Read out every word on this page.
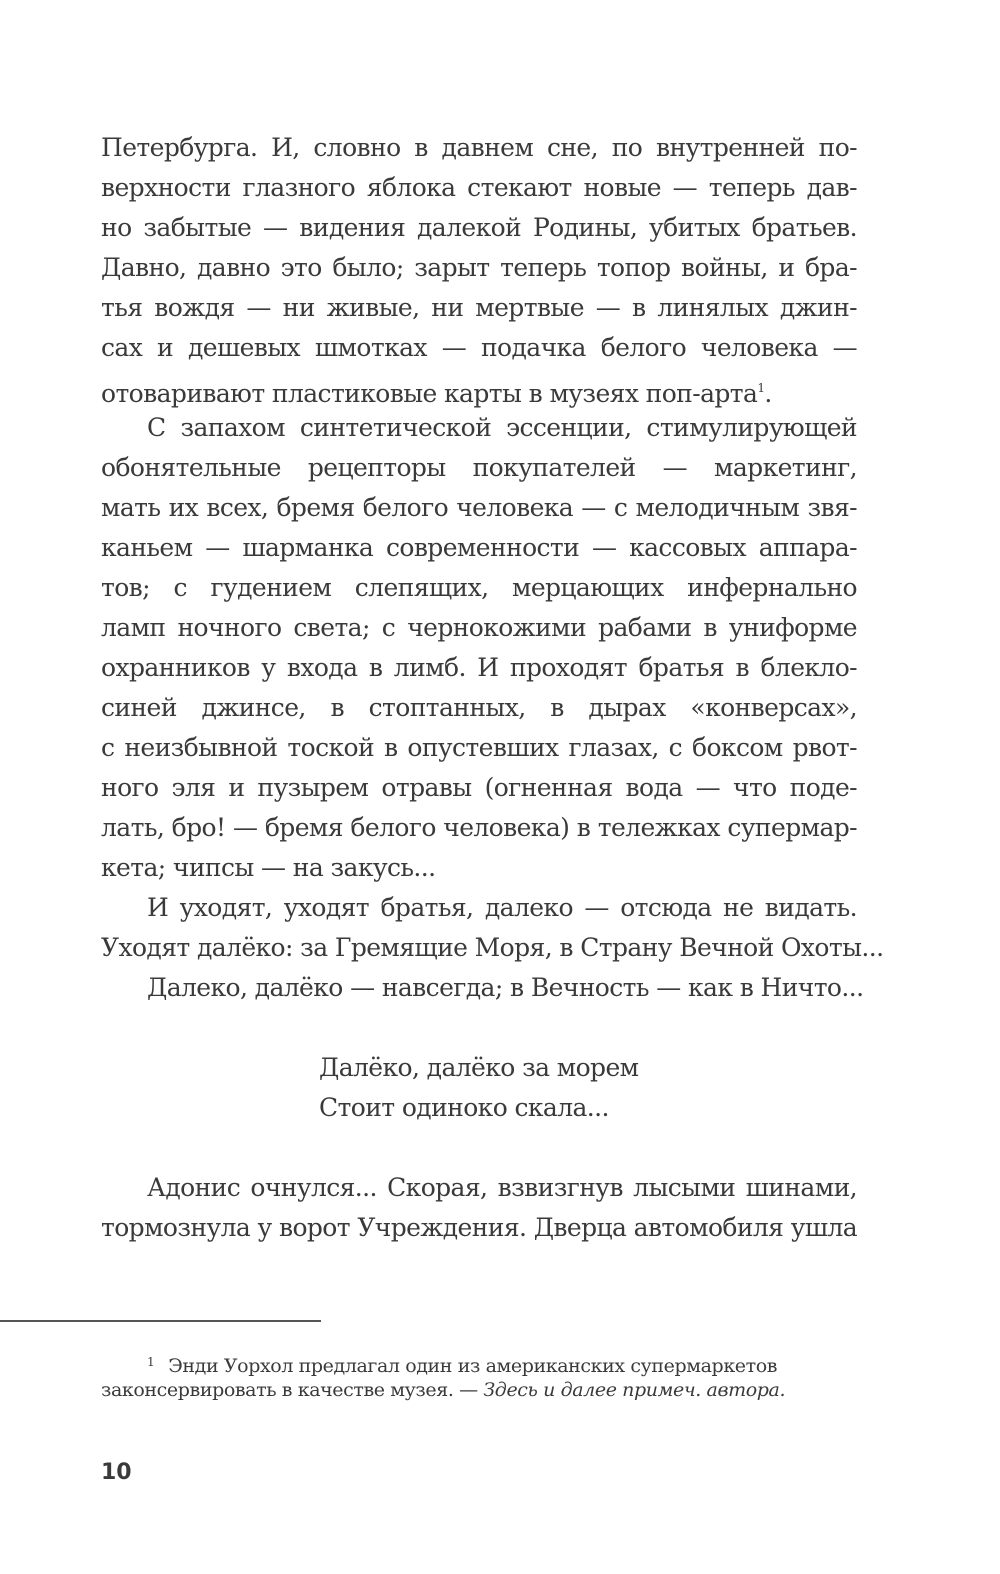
Петербурга. И, словно в давнем сне, по внутренней по-
верхности глазного яблока стекают новые — теперь дав-
но забытые — видения далекой Родины, убитых братьев.
Давно, давно это было; зарыт теперь топор войны, и бра-
тья вождя — ни живые, ни мертвые — в линялых джин-
сах и дешевых шмотках — подачка белого человека —
отоваривают пластиковые карты в музеях поп-арта$^1$.
С запахом синтетической эссенции, стимулирующей
обонятельные рецепторы покупателей — маркетинг,
мать их всех, бремя белого человека — с мелодичным звя-
каньем — шарманка современности — кассовых аппара-
тов; с гудением слепящих, мерцающих инфернально
ламп ночного света; с чернокожими рабами в униформе
охранников у входа в лимб. И проходят братья в блекло-
синей джинсе, в стоптанных, в дырах «конверсах»,
с неизбывной тоской в опустевших глазах, с боксом рвот-
ного эля и пузырем отравы (огненная вода — что поде-
лать, бро! — бремя белого человека) в тележках супермар-
кета; чипсы — на закусь...
И уходят, уходят братья, далеко — отсюда не видать.
Уходят далёко: за Гремящие Моря, в Страну Вечной Охоты...
Далеко, далёко — навсегда; в Вечность — как в Ничто...
Далёко, далёко за морем
Стоит одиноко скала...
Адонис очнулся... Скорая, взвизгнув лысыми шинами,
тормознула у ворот Учреждения. Дверца автомобиля ушла
$^1$ Энди Уорхол предлагал один из американских супермаркетов
законсервировать в качестве музея. — Здесь и далее примеч. автора.
10
